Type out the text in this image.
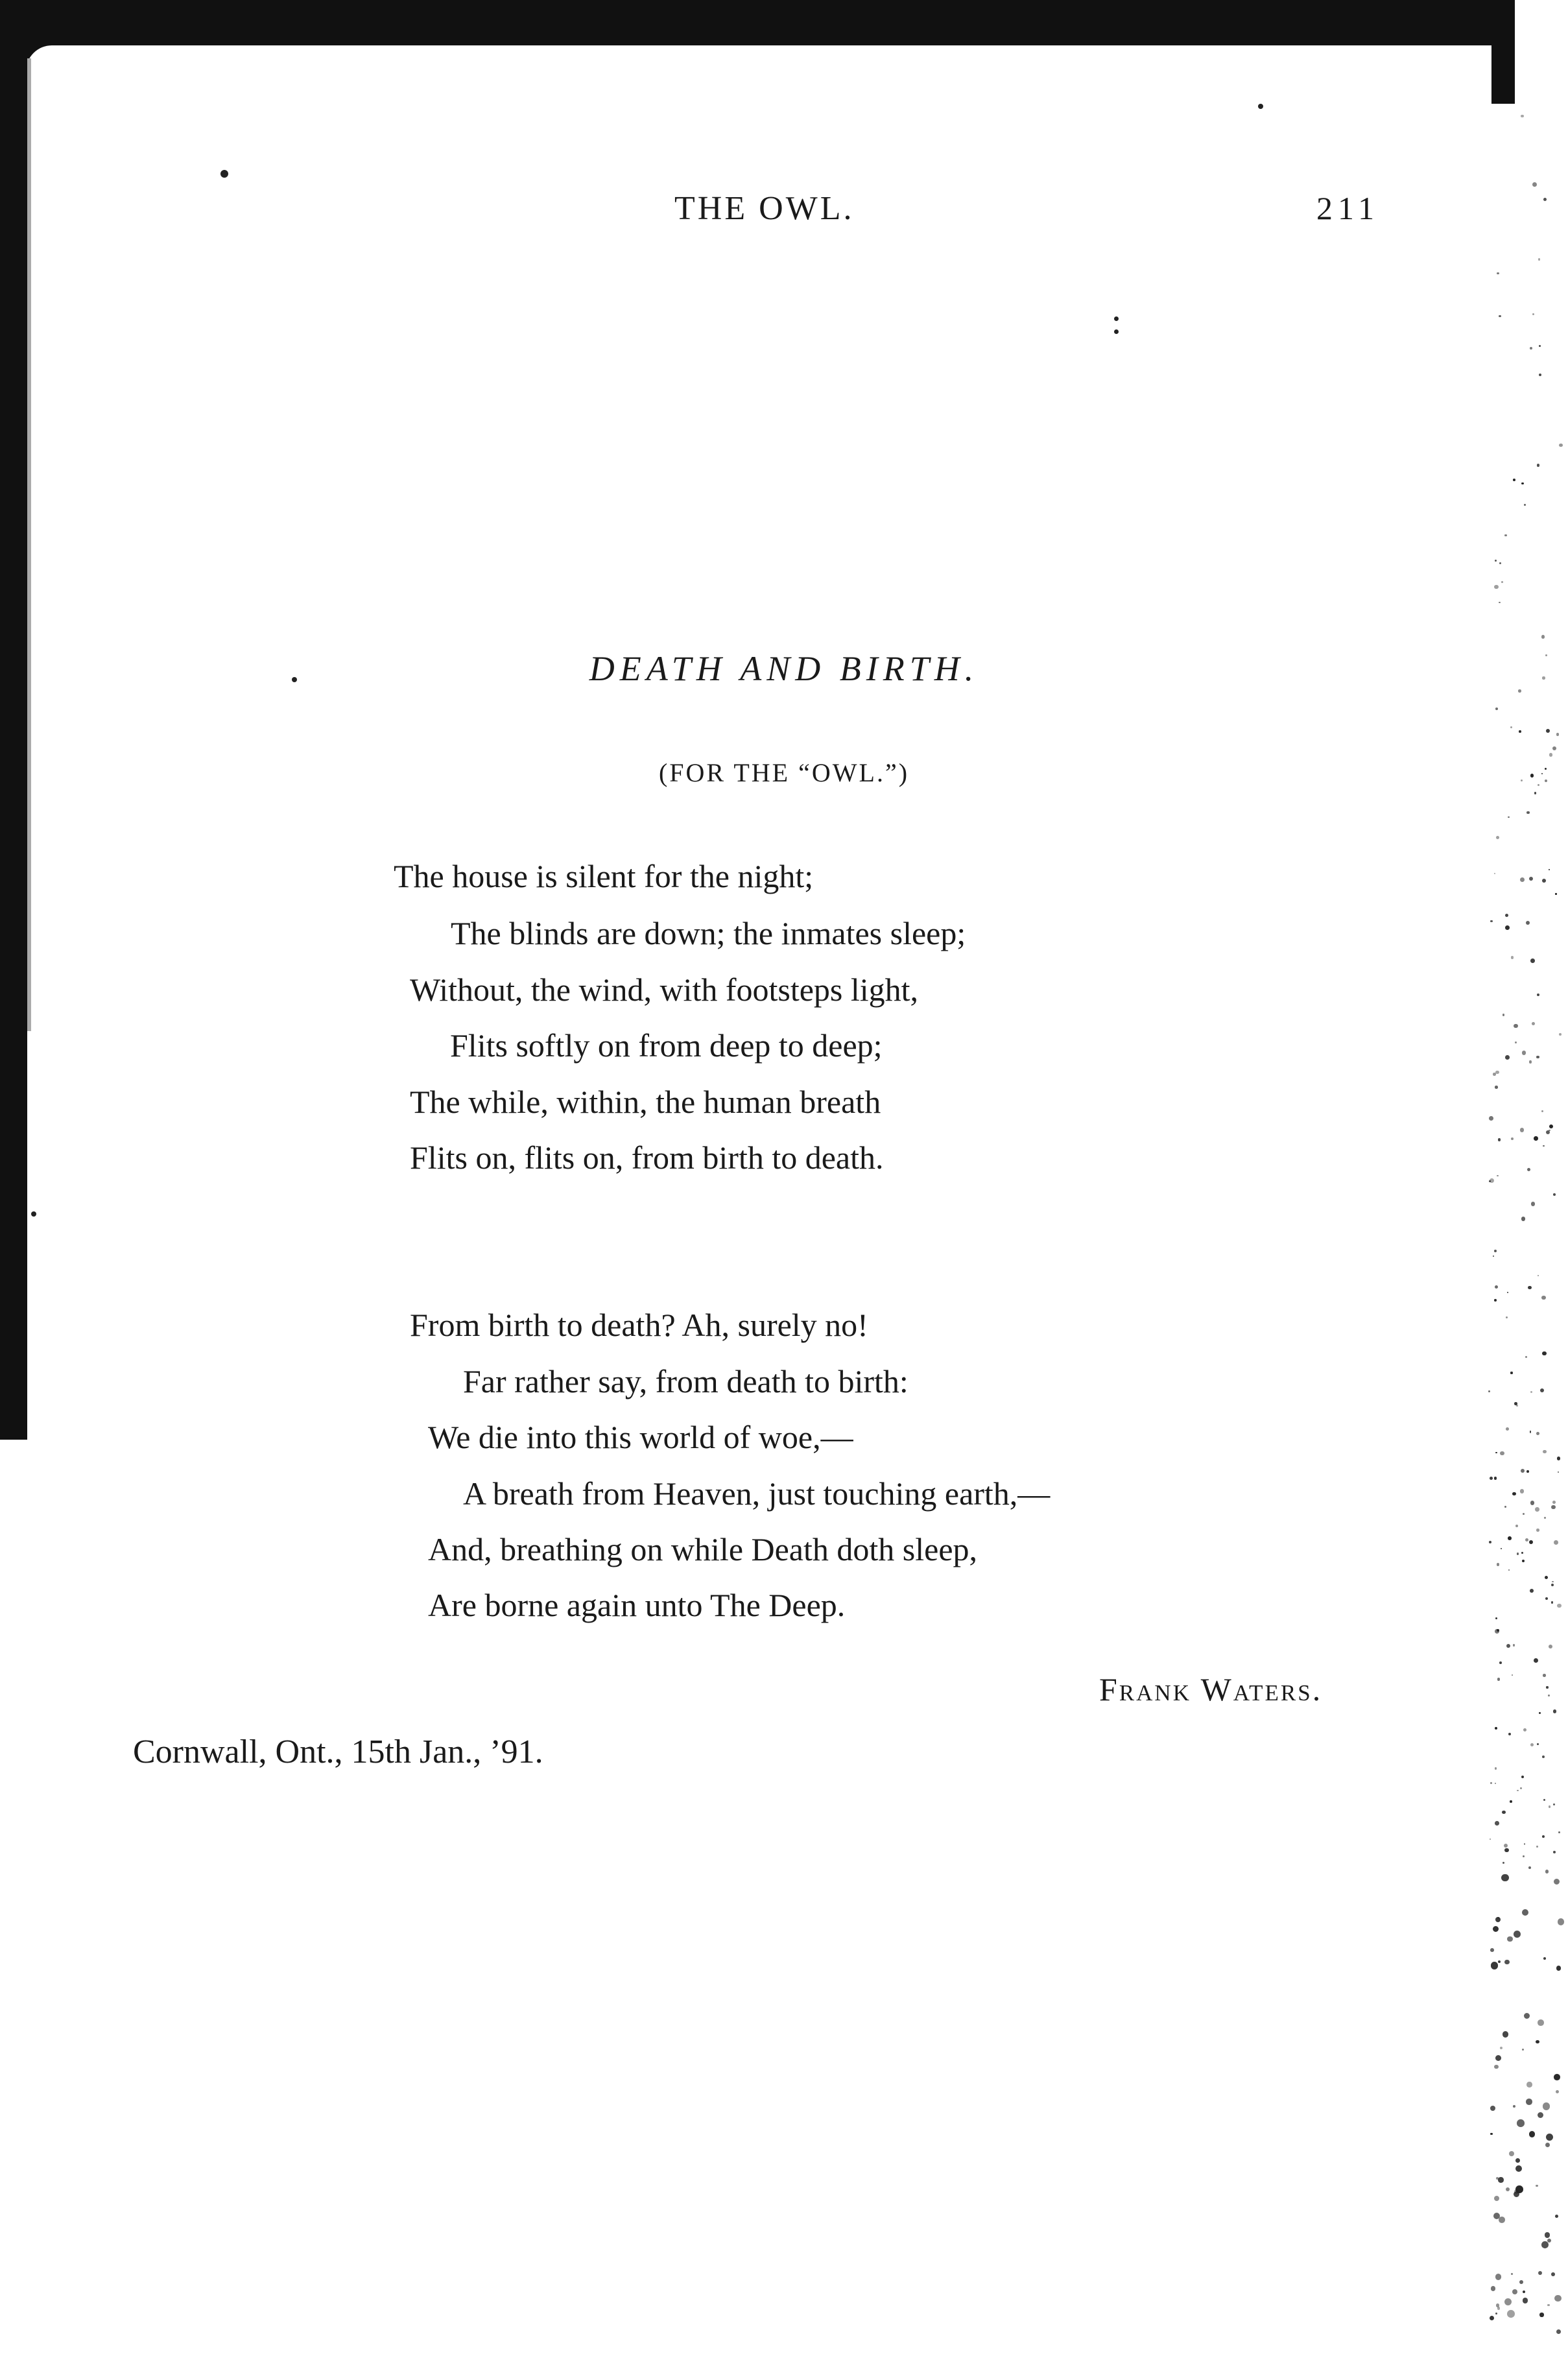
THE OWL.	211
DEATH AND BIRTH.
(FOR THE “OWL.”)
The house is silent for the night;
The blinds are down; the inmates sleep;
Without, the wind, with footsteps light,
Flits softly on from deep to deep;
The while, within, the human breath
Flits on, flits on, from birth to death.
From birth to death? Ah, surely no!
Far rather say, from death to birth:
We die into this world of woe,—
A breath from Heaven, just touching earth,—
And, breathing on while Death doth sleep,
Are borne again unto The Deep.
Frank Waters.
Cornwall, Ont., 15th Jan., ’91.
